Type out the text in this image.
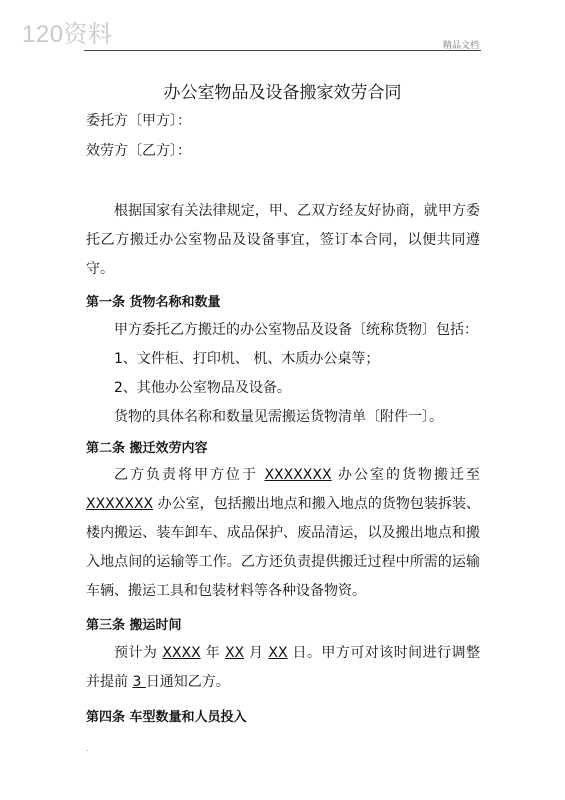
120资料	精品文档
办公室物品及设备搬家效劳合同
委托方〔甲方〕：
效劳方〔乙方〕：
根据国家有关法律规定，甲、乙双方经友好协商，就甲方委托乙方搬迁办公室物品及设备事宜，签订本合同，以便共同遵守。
第一条 货物名称和数量
甲方委托乙方搬迁的办公室物品及设备〔统称货物〕包括：
1、文件柜、打印机、 机、木质办公桌等；
2、其他办公室物品及设备。
货物的具体名称和数量见需搬运货物清单〔附件一〕。
第二条 搬迁效劳内容
乙方负责将甲方位于 XXXXXXX 办公室的货物搬迁至XXXXXXX 办公室，包括搬出地点和搬入地点的货物包装拆装、楼内搬运、装车卸车、成品保护、废品清运，以及搬出地点和搬入地点间的运输等工作。乙方还负责提供搬迁过程中所需的运输车辆、搬运工具和包装材料等各种设备物资。
第三条 搬运时间
预计为 XXXX 年 XX 月 XX 日。甲方可对该时间进行调整并提前 3 日通知乙方。
第四条 车型数量和人员投入
.
